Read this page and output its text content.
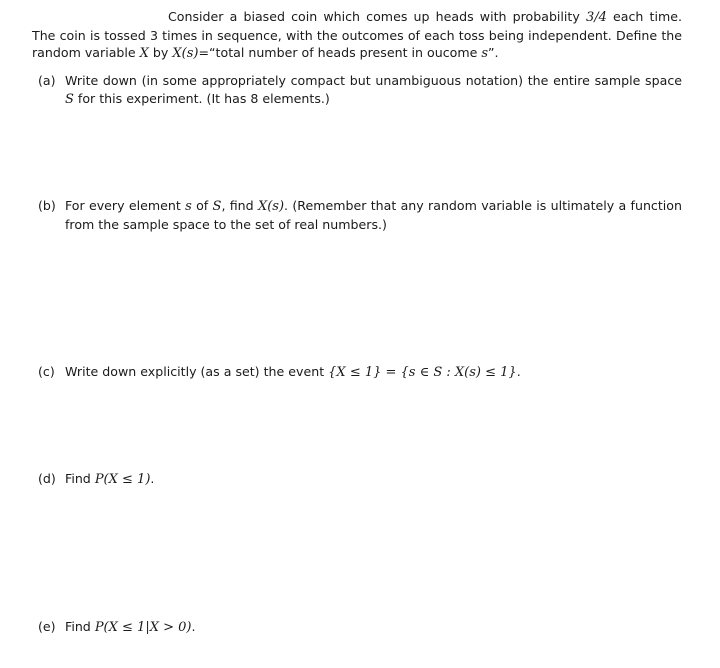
Consider a biased coin which comes up heads with probability 3/4 each time. The coin is tossed 3 times in sequence, with the outcomes of each toss being independent. Define the random variable X by X(s)=“total number of heads present in oucome s”.
(a) Write down (in some appropriately compact but unambiguous notation) the entire sample space S for this experiment. (It has 8 elements.)
(b) For every element s of S, find X(s). (Remember that any random variable is ultimately a function from the sample space to the set of real numbers.)
(c) Write down explicitly (as a set) the event {X ≤ 1} = {s ∈ S : X(s) ≤ 1}.
(d) Find P(X ≤ 1).
(e) Find P(X ≤ 1|X > 0).
